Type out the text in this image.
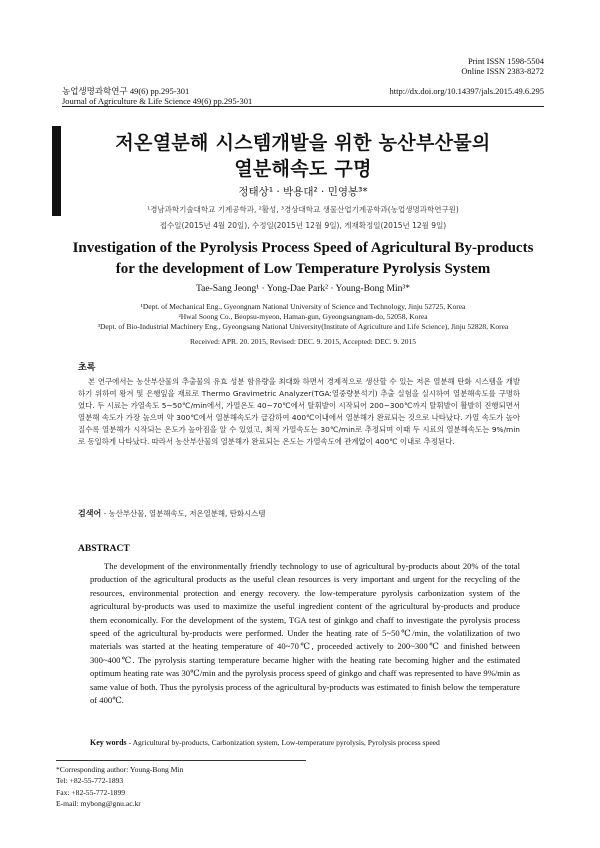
Print ISSN 1598-5504
Online ISSN 2383-8272
농업생명과학연구 49(6) pp.295-301
Journal of Agriculture & Life Science 49(6) pp.295-301
http://dx.doi.org/10.14397/jals.2015.49.6.295
저온열분해 시스템개발을 위한 농산부산물의
열분해속도 구명
정태상¹ · 박용대² · 민영봉³*
¹경남과학기술대학교 기계공학과, ²활성, ³경상대학교 생물산업기계공학과(농업생명과학연구원)
접수일(2015년 4월 20일), 수정일(2015년 12월 9일), 게재확정일(2015년 12월 9일)
Investigation of the Pyrolysis Process Speed of Agricultural By-products
for the development of Low Temperature Pyrolysis System
Tae-Sang Jeong¹ · Yong-Dae Park² · Young-Bong Min³*
¹Dept. of Mechanical Eng., Gyeongnam National University of Science and Technology, Jinju 52725, Korea
²Hwal Soong Co., Beopsu-myeon, Haman-gun, Gyeongsangnam-do, 52058, Korea
³Dept. of Bio-Industrial Machinery Eng., Gyeongsang National University(Institute of Agriculture and Life Science), Jinju 52828, Korea
Received: APR. 20. 2015, Revised: DEC. 9. 2015, Accepted: DEC. 9. 2015
초록
본 연구에서는 농산부산물의 추출물의 유효 성분 함유량을 최대화 하면서 경제적으로 생산할 수 있는 저온 열분해 탄화 시스템을 개발하기 위하여 왕겨 및 은행잎을 재료로 Thermo Gravimetric Analyzer(TGA:열중량분석기) 추출 실험을 실시하여 열분해속도를 구명하였다. 두 시료는 가열속도 5~50℃/min에서, 가열온도 40~70℃에서 탈휘발이 시작되어 200~300℃까지 탈휘발이 활발히 진행되면서 열분해 속도가 가장 높으며 약 300℃에서 열분해속도가 급감하여 400℃이내에서 열분해가 완료되는 것으로 나타났다. 가열 속도가 높아질수록 열분해가 시작되는 온도가 높아짐을 알 수 있었고, 최적 가열속도는 30℃/min로 추정되며 이때 두 시료의 열분해속도는 9%/min로 동일하게 나타났다. 따라서 농산부산물의 열분해가 완료되는 온도는 가열속도에 관계없이 400℃ 이내로 추정된다.
검색어 - 농산부산물, 열분해속도, 저온열분해, 탄화시스템
ABSTRACT
The development of the environmentally friendly technology to use of agricultural by-products about 20% of the total production of the agricultural products as the useful clean resources is very important and urgent for the recycling of the resources, environmental protection and energy recovery. the low-temperature pyrolysis carbonization system of the agricultural by-products was used to maximize the useful ingredient content of the agricultural by-products and produce them economically. For the development of the system, TGA test of ginkgo and chaff to investigate the pyrolysis process speed of the agricultural by-products were performed. Under the heating rate of 5~50℃/min, the volatilization of two materials was started at the heating temperature of 40~70℃, proceeded actively to 200~300℃ and finished between 300~400℃. The pyrolysis starting temperature became higher with the heating rate becoming higher and the estimated optimum heating rate was 30℃/min and the pyrolysis process speed of ginkgo and chaff was represented to have 9%/min as same value of both. Thus the pyrolysis process of the agricultural by-products was estimated to finish below the temperature of 400℃.
Key words - Agricultural by-products, Carbonization system, Low-temperature pyrolysis, Pyrolysis process speed
*Corresponding author: Young-Bong Min
Tel: +82-55-772-1893
Fax: +82-55-772-1899
E-mail: mybong@gnu.ac.kr
